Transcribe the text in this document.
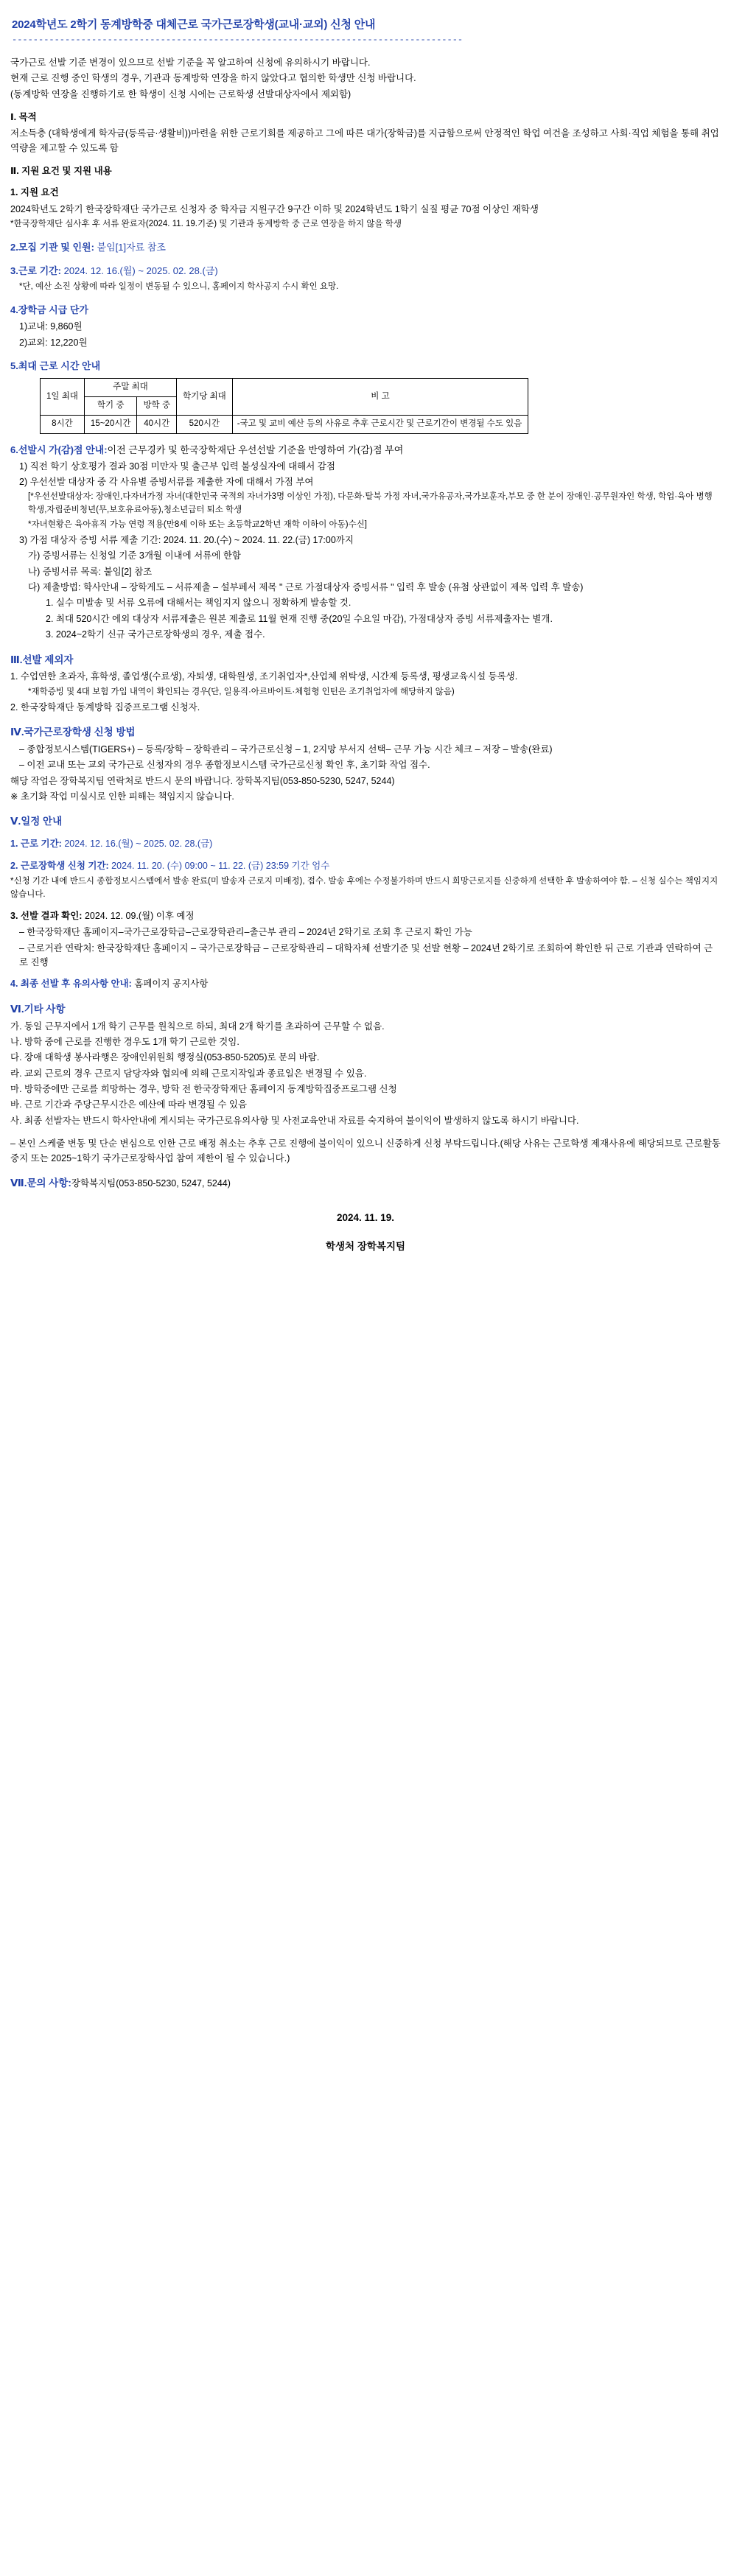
2024학년도 2학기 동계방학중 대체근로 국가근로장학생(교내·교외) 신청 안내
-------------------------------------------------------------------------------------

국가근로 선발 기준 변경이 있으므로 선발 기준을 꼭 알고하여 신청에 유의하시기 바랍니다.

현재 근로 진행 중인 학생의 경우, 기관과 동계방학 연장을 하지 않았다고 협의한 학생만 신청 바랍니다.

(동계방학 연장을 진행하기로 한 학생이 신청 시에는 근로학생 선발대상자에서 제외함)

Ⅰ. 목적

저소득층 (대학생에게 학자금(등록금·생활비))마련을 위한 근로기회를 제공하고 그에 따른 대가(장학금)를 지급함으로써 안정적인 학업 여건을 조성하고 사회·직업 체험을 통해 취업 역량을 제고할 수 있도록 함

Ⅱ. 지원 요건 및 지원 내용

1. 지원 요건

2024학년도 2학기 한국장학재단 국가근로 신청자 중 학자금 지원구간 9구간 이하 및 2024학년도 1학기 실질 평균 70점 이상인 재학생

*한국장학재단 심사후 후 서류 완료자(2024. 11. 19.기준) 및 기관과 동계방학 중 근로 연장을 하지 않을 학생

2.모집 기관 및 인원: 붙임[1]자료 참조

3.근로 기간: 2024. 12. 16.(월) ~ 2025. 02. 28.(금)

*단, 예산 소진 상황에 따라 일정이 변동될 수 있으니, 홈페이지 학사공지 수시 확인 요망.

4.장학금 시급 단가

1)교내: 9,860원

2)교외: 12,220원

5.최대 근로 시간 안내

1일 최대	주말 최대		학기당 최대	비 고
	학기 중	방학 중		
8시간	15~20시간	40시간	520시간	-국고 및 교비 예산 등의 사유로 추후 근로시간 및 근로기간이 변경될 수도 있음

6.선발시 가(감)점 안내:이전 근무경카 및 한국장학재단 우선선발 기준을 반영하여 가(감)점 부여

1) 직전 학기 상호평가 결과 30점 미만자 및 출근부 입력 불성실자에 대해서 감점

2) 우선선발 대상자 중 각 사유별 증빙서류를 제출한 자에 대해서 가점 부여

[*우선선발대상자: 장애인,다자녀가정 자녀(대한민국 국적의 자녀가3명 이상인 가정), 다문화·탈북 가정 자녀,국가유공자,국가보훈자,부모 중 한 분이 장애인·공무원자인 학생, 학업·육아 병행 학생,자립준비청년(무,보호유료아동),청소년급터 퇴소 학생

*자녀현황은 육아휴직 가능 연령 적용(만8세 이하 또는 초등학교2학년 재학 이하이 아동)수신]

3) 가점 대상자 증빙 서류 제출 기간: 2024. 11. 20.(수) ~ 2024. 11. 22.(금) 17:00까지

가) 증빙서류는 신청일 기준 3개월 이내에 서류에 한함

나) 증빙서류 목록: 붙임[2] 참조

다) 제출방법: 학사안내 – 장학게도 – 서류제출 – 설부페서 제목 " 근로 가점대상자 증빙서류 " 입력 후 발송 (유첨 상관없이 제목 입력 후 발송)

1. 실수 미발송 및 서류 오류에 대해서는 책임지지 않으니 정확하게 발송할 것.

2. 최대 520시간 에외 대상자 서류제출은 원본 제출로 11월 현재 진행 중(20일 수요일 마감), 가점대상자 증빙 서류제출자는 별개.

3. 2024~2학기 신규 국가근로장학생의 경우, 제출 접수.

Ⅲ.선발 제외자

1. 수업연한 초과자, 휴학생, 졸업생(수료생), 자퇴생, 대학원생, 조기취업자*,산업체 위탁생, 시간제 등록생, 평생교육시설 등록생.

*재학증빙 및 4대 보험 가입 내역이 확인되는 경우(단, 일용직·아르바이트·체험형 인턴은 조기취업자에 해당하지 않음)

2. 한국장학재단 동계방학 집중프로그램 신청자.

Ⅳ.국가근로장학생 신청 방법

– 종합정보시스템(TIGERS+) – 등록/장학 – 장학관리 – 국가근로신청 – 1, 2지망 부서지 선택– 근무 가능 시간 체크 – 저장 – 발송(완료)

– 이전 교내 또는 교외 국가근로 신청자의 경우 종합정보시스템 국가근로신청 확인 후, 초기화 작업 접수.

해당 작업은 장학복지팀 연락처로 반드시 문의 바랍니다. 장학복지팀(053-850-5230, 5247, 5244)

※ 초기화 작업 미실시로 인한 피해는 책임지지 않습니다.

Ⅴ.일정 안내

1. 근로 기간: 2024. 12. 16.(월) ~ 2025. 02. 28.(금)

2. 근로장학생 신청 기간: 2024. 11. 20. (수) 09:00 ~ 11. 22. (금) 23:59 기간 엄수

*신청 기간 내에 반드시 종합정보시스템에서 발송 완료(미 발송자 근로지 미배정), 접수. 발송 후에는 수정불가하며 반드시 희망근로지를 신중하게 선택한 후 발송하여야 함. – 신청 실수는 책임지지 않습니다.

3. 선발 결과 확인: 2024. 12. 09.(월) 이후 예정

– 한국장학재단 홈페이지–국가근로장학금–근로장학관리–출근부 관리 – 2024년 2학기로 조회 후 근로지 확인 가능

– 근로거관 연락처: 한국장학재단 홈페이지 – 국가근로장학금 – 근로장학관리 – 대학자체 선발기준 및 선발 현황 – 2024년 2학기로 조회하여 확인한 뒤 근로 기관과 연락하여 근로 진행

4. 최종 선발 후 유의사항 안내: 홈페이지 공지사항

Ⅵ.기타 사항

가. 동일 근무지에서 1개 학기 근무를 원칙으로 하되, 최대 2개 학기를 초과하여 근무할 수 없음.

나. 방학 중에 근로를 진행한 경우도 1개 학기 근로한 것임.

다. 장애 대학생 봉사라행은 장애인위원회 행정실(053-850-5205)로 문의 바람.

라. 교외 근로의 경우 근로지 담당자와 협의에 의해 근로지작일과 종료일은 변경될 수 있음.

마. 방학중에만 근로를 희망하는 경우, 방학 전 한국장학재단 홈페이지 동계방학집중프로그램 신청

바. 근로 기간과 주당근무시간은 예산에 따라 변경될 수 있음

사. 최종 선발자는 반드시 학사안내에 게시되는 국가근로유의사항 및 사전교육안내 자료를 숙지하여 불이익이 발생하지 않도록 하시기 바랍니다.

– 본인 스케줄 변동 및 단순 변심으로 인한 근로 배정 취소는 추후 근로 진행에 불이익이 있으니 신중하게 신청 부탁드립니다.(해당 사유는 근로학생 제재사유에 해당되므로 근로활동 중지 또는 2025~1학기 국가근로장학사업 참여 제한이 될 수 있습니다.)

Ⅶ.문의 사항:장학복지팀(053-850-5230, 5247, 5244)

2024. 11. 19.
학생처 장학복지팀
